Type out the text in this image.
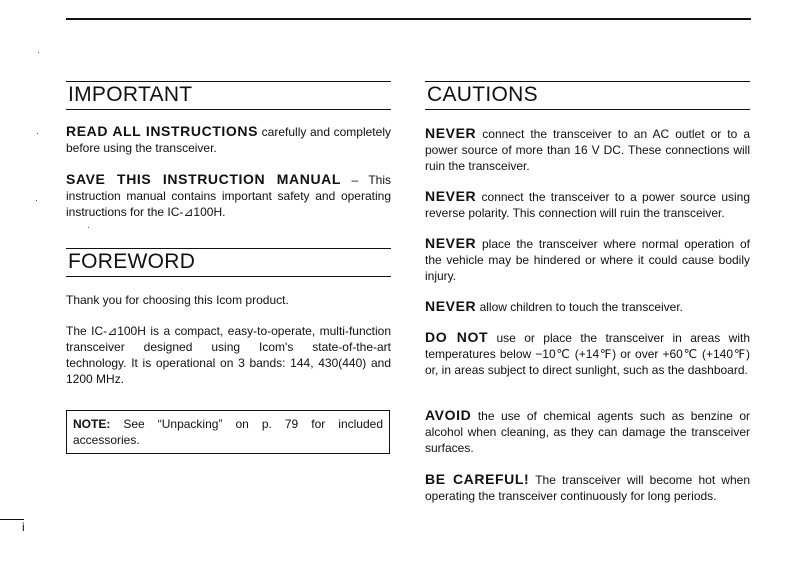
IMPORTANT

READ ALL INSTRUCTIONS carefully and completely before using the transceiver.

SAVE THIS INSTRUCTION MANUAL – This instruction manual contains important safety and operating instructions for the IC-⊿100H.

FOREWORD

Thank you for choosing this Icom product.

The IC-⊿100H is a compact, easy-to-operate, multi-function transceiver designed using Icom's state-of-the-art technology. It is operational on 3 bands: 144, 430(440) and 1200 MHz.

NOTE: See “Unpacking” on p. 79 for included accessories.
CAUTIONS

NEVER connect the transceiver to an AC outlet or to a power source of more than 16 V DC. These connections will ruin the transceiver.

NEVER connect the transceiver to a power source using reverse polarity. This connection will ruin the transceiver.

NEVER place the transceiver where normal operation of the vehicle may be hindered or where it could cause bodily injury.

NEVER allow children to touch the transceiver.

DO NOT use or place the transceiver in areas with temperatures below −10℃ (+14℉) or over +60℃ (+140℉) or, in areas subject to direct sunlight, such as the dashboard.

AVOID the use of chemical agents such as benzine or alcohol when cleaning, as they can damage the transceiver surfaces.

BE CAREFUL! The transceiver will become hot when operating the transceiver continuously for long periods.

i
